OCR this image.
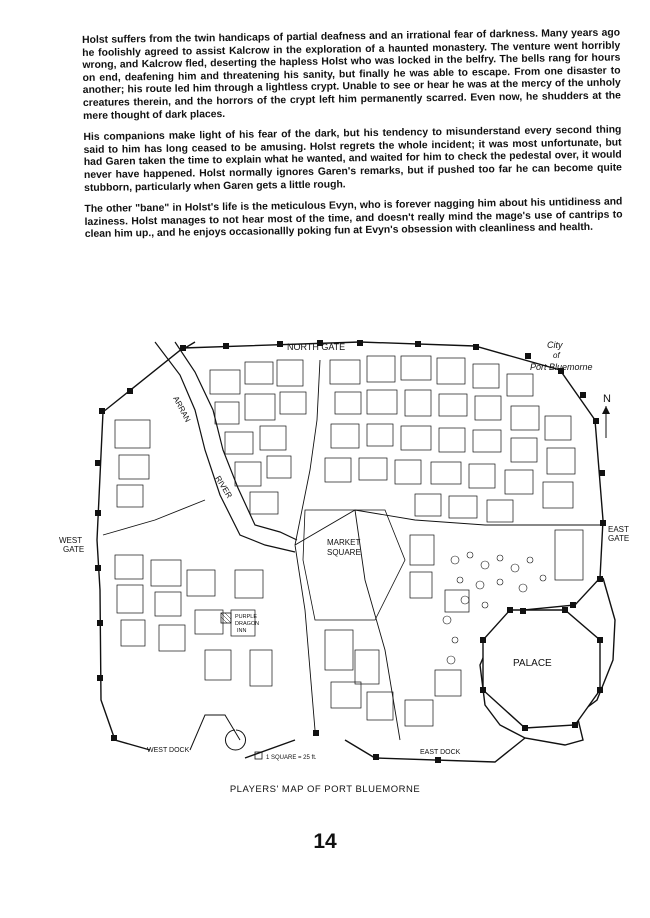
Holst suffers from the twin handicaps of partial deafness and an irrational fear of darkness. Many years ago he foolishly agreed to assist Kalcrow in the exploration of a haunted monastery. The venture went horribly wrong, and Kalcrow fled, deserting the hapless Holst who was locked in the belfry. The bells rang for hours on end, deafening him and threatening his sanity, but finally he was able to escape. From one disaster to another; his route led him through a lightless crypt. Unable to see or hear he was at the mercy of the unholy creatures therein, and the horrors of the crypt left him permanently scarred. Even now, he shudders at the mere thought of dark places.

His companions make light of his fear of the dark, but his tendency to misunderstand every second thing said to him has long ceased to be amusing. Holst regrets the whole incident; it was most unfortunate, but had Garen taken the time to explain what he wanted, and waited for him to check the pedestal over, it would never have happened. Holst normally ignores Garen's remarks, but if pushed too far he can become quite stubborn, particularly when Garen gets a little rough.

The other "bane" in Holst's life is the meticulous Evyn, who is forever nagging him about his untidiness and laziness. Holst manages to not hear most of the time, and doesn't really mind the mage's use of cantrips to clean him up., and he enjoys occasionallly poking fun at Evyn's obsession with cleanliness and health.

NORTH GATE	City
of
Port Bluemorne
N
WEST
GATE
EAST
GATE
MARKET
SQUARE
PALACE
ARRAN
RIVER
PURPLE
DRAGON
INN
WEST DOCK	EAST DOCK
1 SQUARE = 25 ft.
PLAYERS' MAP OF PORT BLUEMORNE
14
